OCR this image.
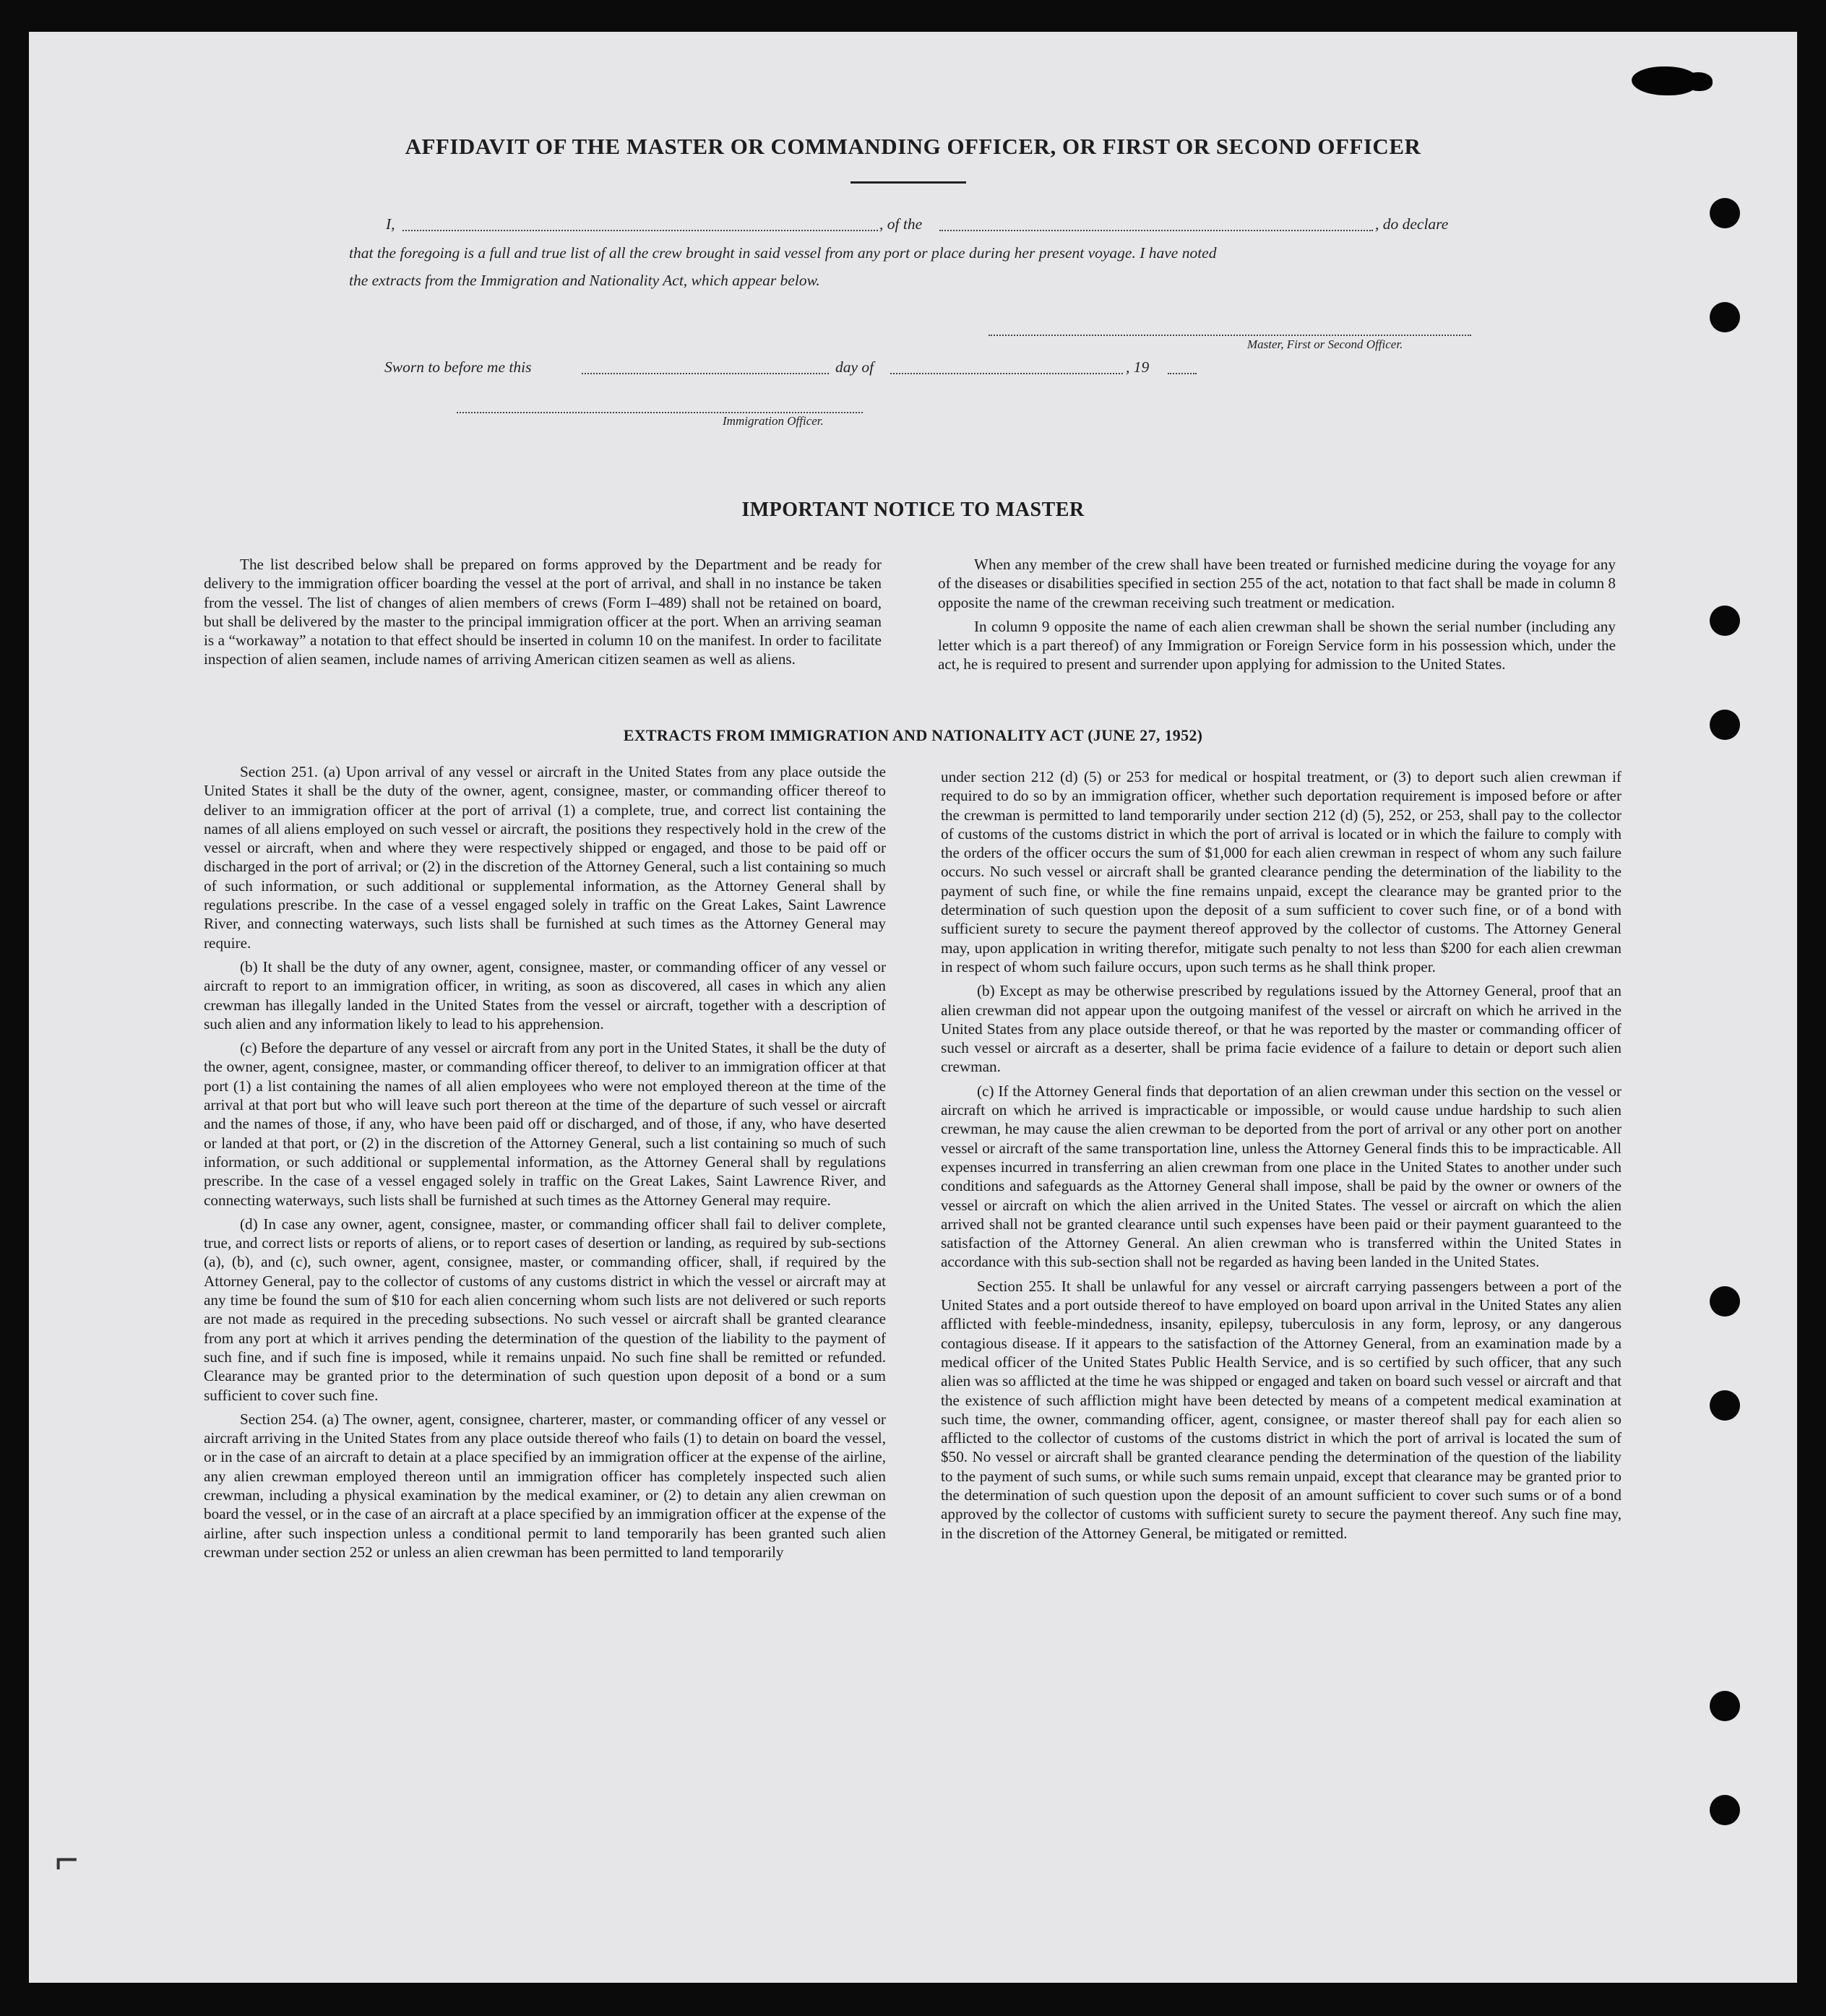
AFFIDAVIT OF THE MASTER OR COMMANDING OFFICER, OR FIRST OR SECOND OFFICER
I,	, of the	, do declare
that the foregoing is a full and true list of all the crew brought in said vessel from any port or place during her present voyage. I have noted
the extracts from the Immigration and Nationality Act, which appear below.
Master, First or Second Officer.
Sworn to before me this	day of	, 19
Immigration Officer.
IMPORTANT NOTICE TO MASTER

The list described below shall be prepared on forms approved by the Department and be ready for delivery to the immigration officer boarding the vessel at the port of arrival, and shall in no instance be taken from the vessel. The list of changes of alien members of crews (Form I–489) shall not be retained on board, but shall be delivered by the master to the principal immigration officer at the port. When an arriving seaman is a “workaway” a notation to that effect should be inserted in column 10 on the manifest. In order to facilitate inspection of alien seamen, include names of arriving American citizen seamen as well as aliens.

When any member of the crew shall have been treated or furnished medicine during the voyage for any of the diseases or disabilities specified in section 255 of the act, notation to that fact shall be made in column 8 opposite the name of the crewman receiving such treatment or medication.

In column 9 opposite the name of each alien crewman shall be shown the serial number (including any letter which is a part thereof) of any Immigration or Foreign Service form in his possession which, under the act, he is required to present and surrender upon applying for admission to the United States.

EXTRACTS FROM IMMIGRATION AND NATIONALITY ACT (JUNE 27, 1952)

Section 251. (a) Upon arrival of any vessel or aircraft in the United States from any place outside the United States it shall be the duty of the owner, agent, consignee, master, or commanding officer thereof to deliver to an immigration officer at the port of arrival (1) a complete, true, and correct list containing the names of all aliens employed on such vessel or aircraft, the positions they respectively hold in the crew of the vessel or aircraft, when and where they were respectively shipped or engaged, and those to be paid off or discharged in the port of arrival; or (2) in the discretion of the Attorney General, such a list containing so much of such information, or such additional or supplemental information, as the Attorney General shall by regulations prescribe. In the case of a vessel engaged solely in traffic on the Great Lakes, Saint Lawrence River, and connecting waterways, such lists shall be furnished at such times as the Attorney General may require.

(b) It shall be the duty of any owner, agent, consignee, master, or commanding officer of any vessel or aircraft to report to an immigration officer, in writing, as soon as discovered, all cases in which any alien crewman has illegally landed in the United States from the vessel or aircraft, together with a description of such alien and any information likely to lead to his apprehension.

(c) Before the departure of any vessel or aircraft from any port in the United States, it shall be the duty of the owner, agent, consignee, master, or commanding officer thereof, to deliver to an immigration officer at that port (1) a list containing the names of all alien employees who were not employed thereon at the time of the arrival at that port but who will leave such port thereon at the time of the departure of such vessel or aircraft and the names of those, if any, who have been paid off or discharged, and of those, if any, who have deserted or landed at that port, or (2) in the discretion of the Attorney General, such a list containing so much of such information, or such additional or supplemental information, as the Attorney General shall by regulations prescribe. In the case of a vessel engaged solely in traffic on the Great Lakes, Saint Lawrence River, and connecting waterways, such lists shall be furnished at such times as the Attorney General may require.

(d) In case any owner, agent, consignee, master, or commanding officer shall fail to deliver complete, true, and correct lists or reports of aliens, or to report cases of desertion or landing, as required by sub-sections (a), (b), and (c), such owner, agent, consignee, master, or commanding officer, shall, if required by the Attorney General, pay to the collector of customs of any customs district in which the vessel or aircraft may at any time be found the sum of $10 for each alien concerning whom such lists are not delivered or such reports are not made as required in the preceding subsections. No such vessel or aircraft shall be granted clearance from any port at which it arrives pending the determination of the question of the liability to the payment of such fine, and if such fine is imposed, while it remains unpaid. No such fine shall be remitted or refunded. Clearance may be granted prior to the determination of such question upon deposit of a bond or a sum sufficient to cover such fine.

Section 254. (a) The owner, agent, consignee, charterer, master, or commanding officer of any vessel or aircraft arriving in the United States from any place outside thereof who fails (1) to detain on board the vessel, or in the case of an aircraft to detain at a place specified by an immigration officer at the expense of the airline, any alien crewman employed thereon until an immigration officer has completely inspected such alien crewman, including a physical examination by the medical examiner, or (2) to detain any alien crewman on board the vessel, or in the case of an aircraft at a place specified by an immigration officer at the expense of the airline, after such inspection unless a conditional permit to land temporarily has been granted such alien crewman under section 252 or unless an alien crewman has been permitted to land temporarily

under section 212 (d) (5) or 253 for medical or hospital treatment, or (3) to deport such alien crewman if required to do so by an immigration officer, whether such deportation requirement is imposed before or after the crewman is permitted to land temporarily under section 212 (d) (5), 252, or 253, shall pay to the collector of customs of the customs district in which the port of arrival is located or in which the failure to comply with the orders of the officer occurs the sum of $1,000 for each alien crewman in respect of whom any such failure occurs. No such vessel or aircraft shall be granted clearance pending the determination of the liability to the payment of such fine, or while the fine remains unpaid, except the clearance may be granted prior to the determination of such question upon the deposit of a sum sufficient to cover such fine, or of a bond with sufficient surety to secure the payment thereof approved by the collector of customs. The Attorney General may, upon application in writing therefor, mitigate such penalty to not less than $200 for each alien crewman in respect of whom such failure occurs, upon such terms as he shall think proper.

(b) Except as may be otherwise prescribed by regulations issued by the Attorney General, proof that an alien crewman did not appear upon the outgoing manifest of the vessel or aircraft on which he arrived in the United States from any place outside thereof, or that he was reported by the master or commanding officer of such vessel or aircraft as a deserter, shall be prima facie evidence of a failure to detain or deport such alien crewman.

(c) If the Attorney General finds that deportation of an alien crewman under this section on the vessel or aircraft on which he arrived is impracticable or impossible, or would cause undue hardship to such alien crewman, he may cause the alien crewman to be deported from the port of arrival or any other port on another vessel or aircraft of the same transportation line, unless the Attorney General finds this to be impracticable. All expenses incurred in transferring an alien crewman from one place in the United States to another under such conditions and safeguards as the Attorney General shall impose, shall be paid by the owner or owners of the vessel or aircraft on which the alien arrived in the United States. The vessel or aircraft on which the alien arrived shall not be granted clearance until such expenses have been paid or their payment guaranteed to the satisfaction of the Attorney General. An alien crewman who is transferred within the United States in accordance with this sub-section shall not be regarded as having been landed in the United States.

Section 255. It shall be unlawful for any vessel or aircraft carrying passengers between a port of the United States and a port outside thereof to have employed on board upon arrival in the United States any alien afflicted with feeble-mindedness, insanity, epilepsy, tuberculosis in any form, leprosy, or any dangerous contagious disease. If it appears to the satisfaction of the Attorney General, from an examination made by a medical officer of the United States Public Health Service, and is so certified by such officer, that any such alien was so afflicted at the time he was shipped or engaged and taken on board such vessel or aircraft and that the existence of such affliction might have been detected by means of a competent medical examination at such time, the owner, commanding officer, agent, consignee, or master thereof shall pay for each alien so afflicted to the collector of customs of the customs district in which the port of arrival is located the sum of $50. No vessel or aircraft shall be granted clearance pending the determination of the question of the liability to the payment of such sums, or while such sums remain unpaid, except that clearance may be granted prior to the determination of such question upon the deposit of an amount sufficient to cover such sums or of a bond approved by the collector of customs with sufficient surety to secure the payment thereof. Any such fine may, in the discretion of the Attorney General, be mitigated or remitted.

⌐
